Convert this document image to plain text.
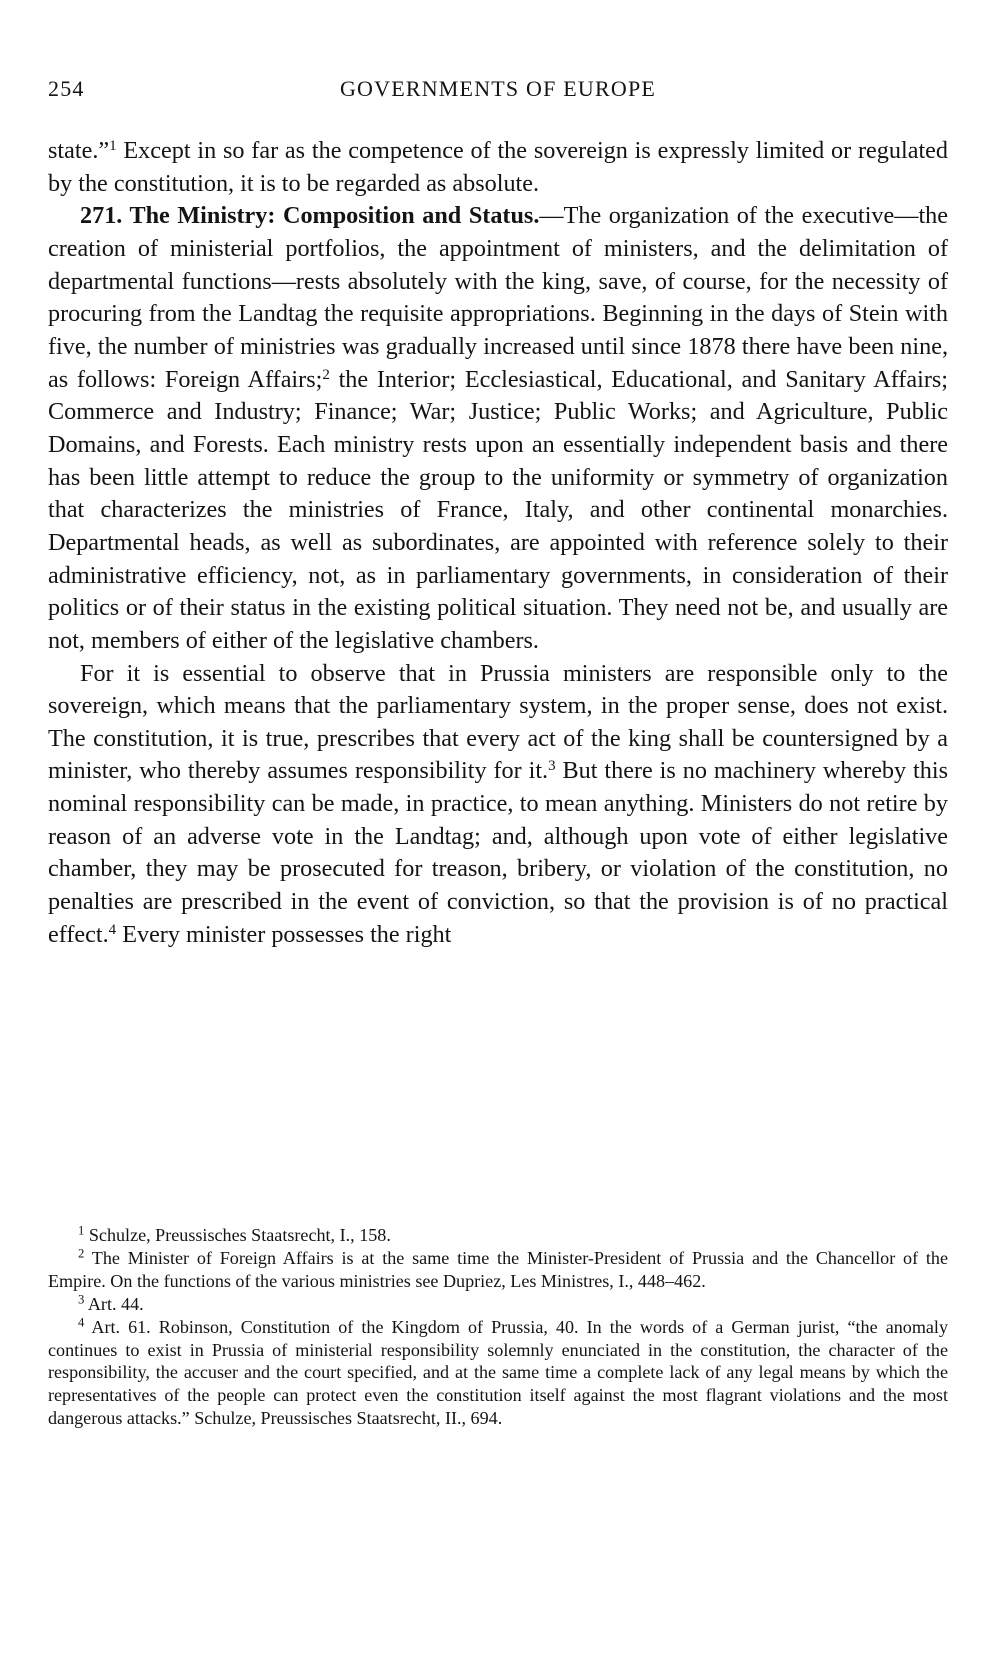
254	GOVERNMENTS OF EUROPE

state.”$^1$ Except in so far as the competence of the sovereign is expressly limited or regulated by the constitution, it is to be regarded as absolute.

271. The Ministry: Composition and Status.—The organization of the executive—the creation of ministerial portfolios, the appointment of ministers, and the delimitation of departmental functions—rests absolutely with the king, save, of course, for the necessity of procuring from the Landtag the requisite appropriations. Beginning in the days of Stein with five, the number of ministries was gradually increased until since 1878 there have been nine, as follows: Foreign Affairs;$^2$ the Interior; Ecclesiastical, Educational, and Sanitary Affairs; Commerce and Industry; Finance; War; Justice; Public Works; and Agriculture, Public Domains, and Forests. Each ministry rests upon an essentially independent basis and there has been little attempt to reduce the group to the uniformity or symmetry of organization that characterizes the ministries of France, Italy, and other continental monarchies. Departmental heads, as well as subordinates, are appointed with reference solely to their administrative efficiency, not, as in parliamentary governments, in consideration of their politics or of their status in the existing political situation. They need not be, and usually are not, members of either of the legislative chambers.

For it is essential to observe that in Prussia ministers are responsible only to the sovereign, which means that the parliamentary system, in the proper sense, does not exist. The constitution, it is true, prescribes that every act of the king shall be countersigned by a minister, who thereby assumes responsibility for it.$^3$ But there is no machinery whereby this nominal responsibility can be made, in practice, to mean anything. Ministers do not retire by reason of an adverse vote in the Landtag; and, although upon vote of either legislative chamber, they may be prosecuted for treason, bribery, or violation of the constitution, no penalties are prescribed in the event of conviction, so that the provision is of no practical effect.$^4$ Every minister possesses the right

$^1$ Schulze, Preussisches Staatsrecht, I., 158.

$^2$ The Minister of Foreign Affairs is at the same time the Minister-President of Prussia and the Chancellor of the Empire. On the functions of the various ministries see Dupriez, Les Ministres, I., 448–462.

$^3$ Art. 44.

$^4$ Art. 61. Robinson, Constitution of the Kingdom of Prussia, 40. In the words of a German jurist, “the anomaly continues to exist in Prussia of ministerial responsibility solemnly enunciated in the constitution, the character of the responsibility, the accuser and the court specified, and at the same time a complete lack of any legal means by which the representatives of the people can protect even the constitution itself against the most flagrant violations and the most dangerous attacks.” Schulze, Preussisches Staatsrecht, II., 694.
